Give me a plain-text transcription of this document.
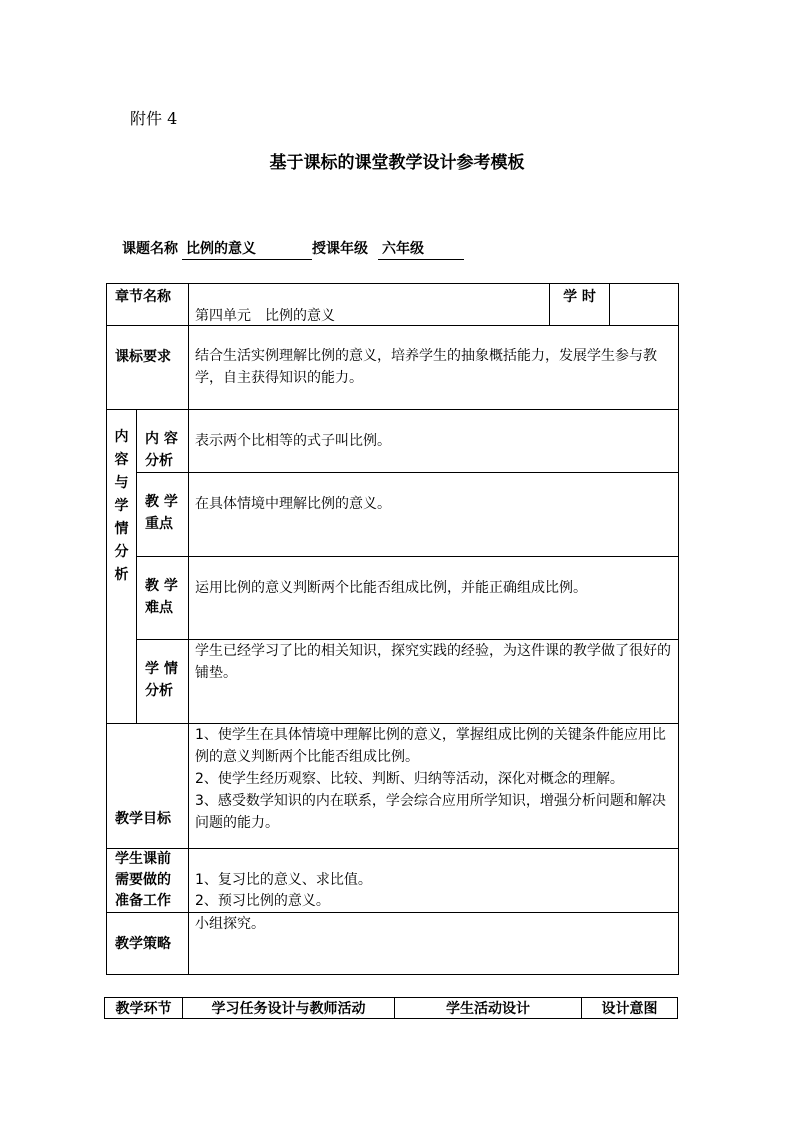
附件 4
基于课标的课堂教学设计参考模板
课题名称 比例的意义	授课年级 六年级
章节名称		第四单元　比例的意义	学 时	
课标要求		结合生活实例理解比例的意义，培养学生的抽象概括能力，发展学生参与教学，自主获得知识的能力。		

内容与学情分析	内 容分析	表示两个比相等的式子叫比例。		
	教 学重点	在具体情境中理解比例的意义。		
	教 学难点	运用比例的意义判断两个比能否组成比例，并能正确组成比例。		
	学 情分析	学生已经学习了比的相关知识，探究实践的经验，为这件课的教学做了很好的铺垫。		
教学目标		1、使学生在具体情境中理解比例的意义，掌握组成比例的关键条件能应用比例的意义判断两个比能否组成比例。
2、使学生经历观察、比较、判断、归纳等活动，深化对概念的理解。
3、感受数学知识的内在联系，学会综合应用所学知识，增强分析问题和解决问题的能力。		

学生课前需要做的准备工作		1、复习比的意义、求比值。
2、预习比例的意义。		

教学策略		小组探究。		
教学环节	学习任务设计与教师活动	学生活动设计	设计意图
